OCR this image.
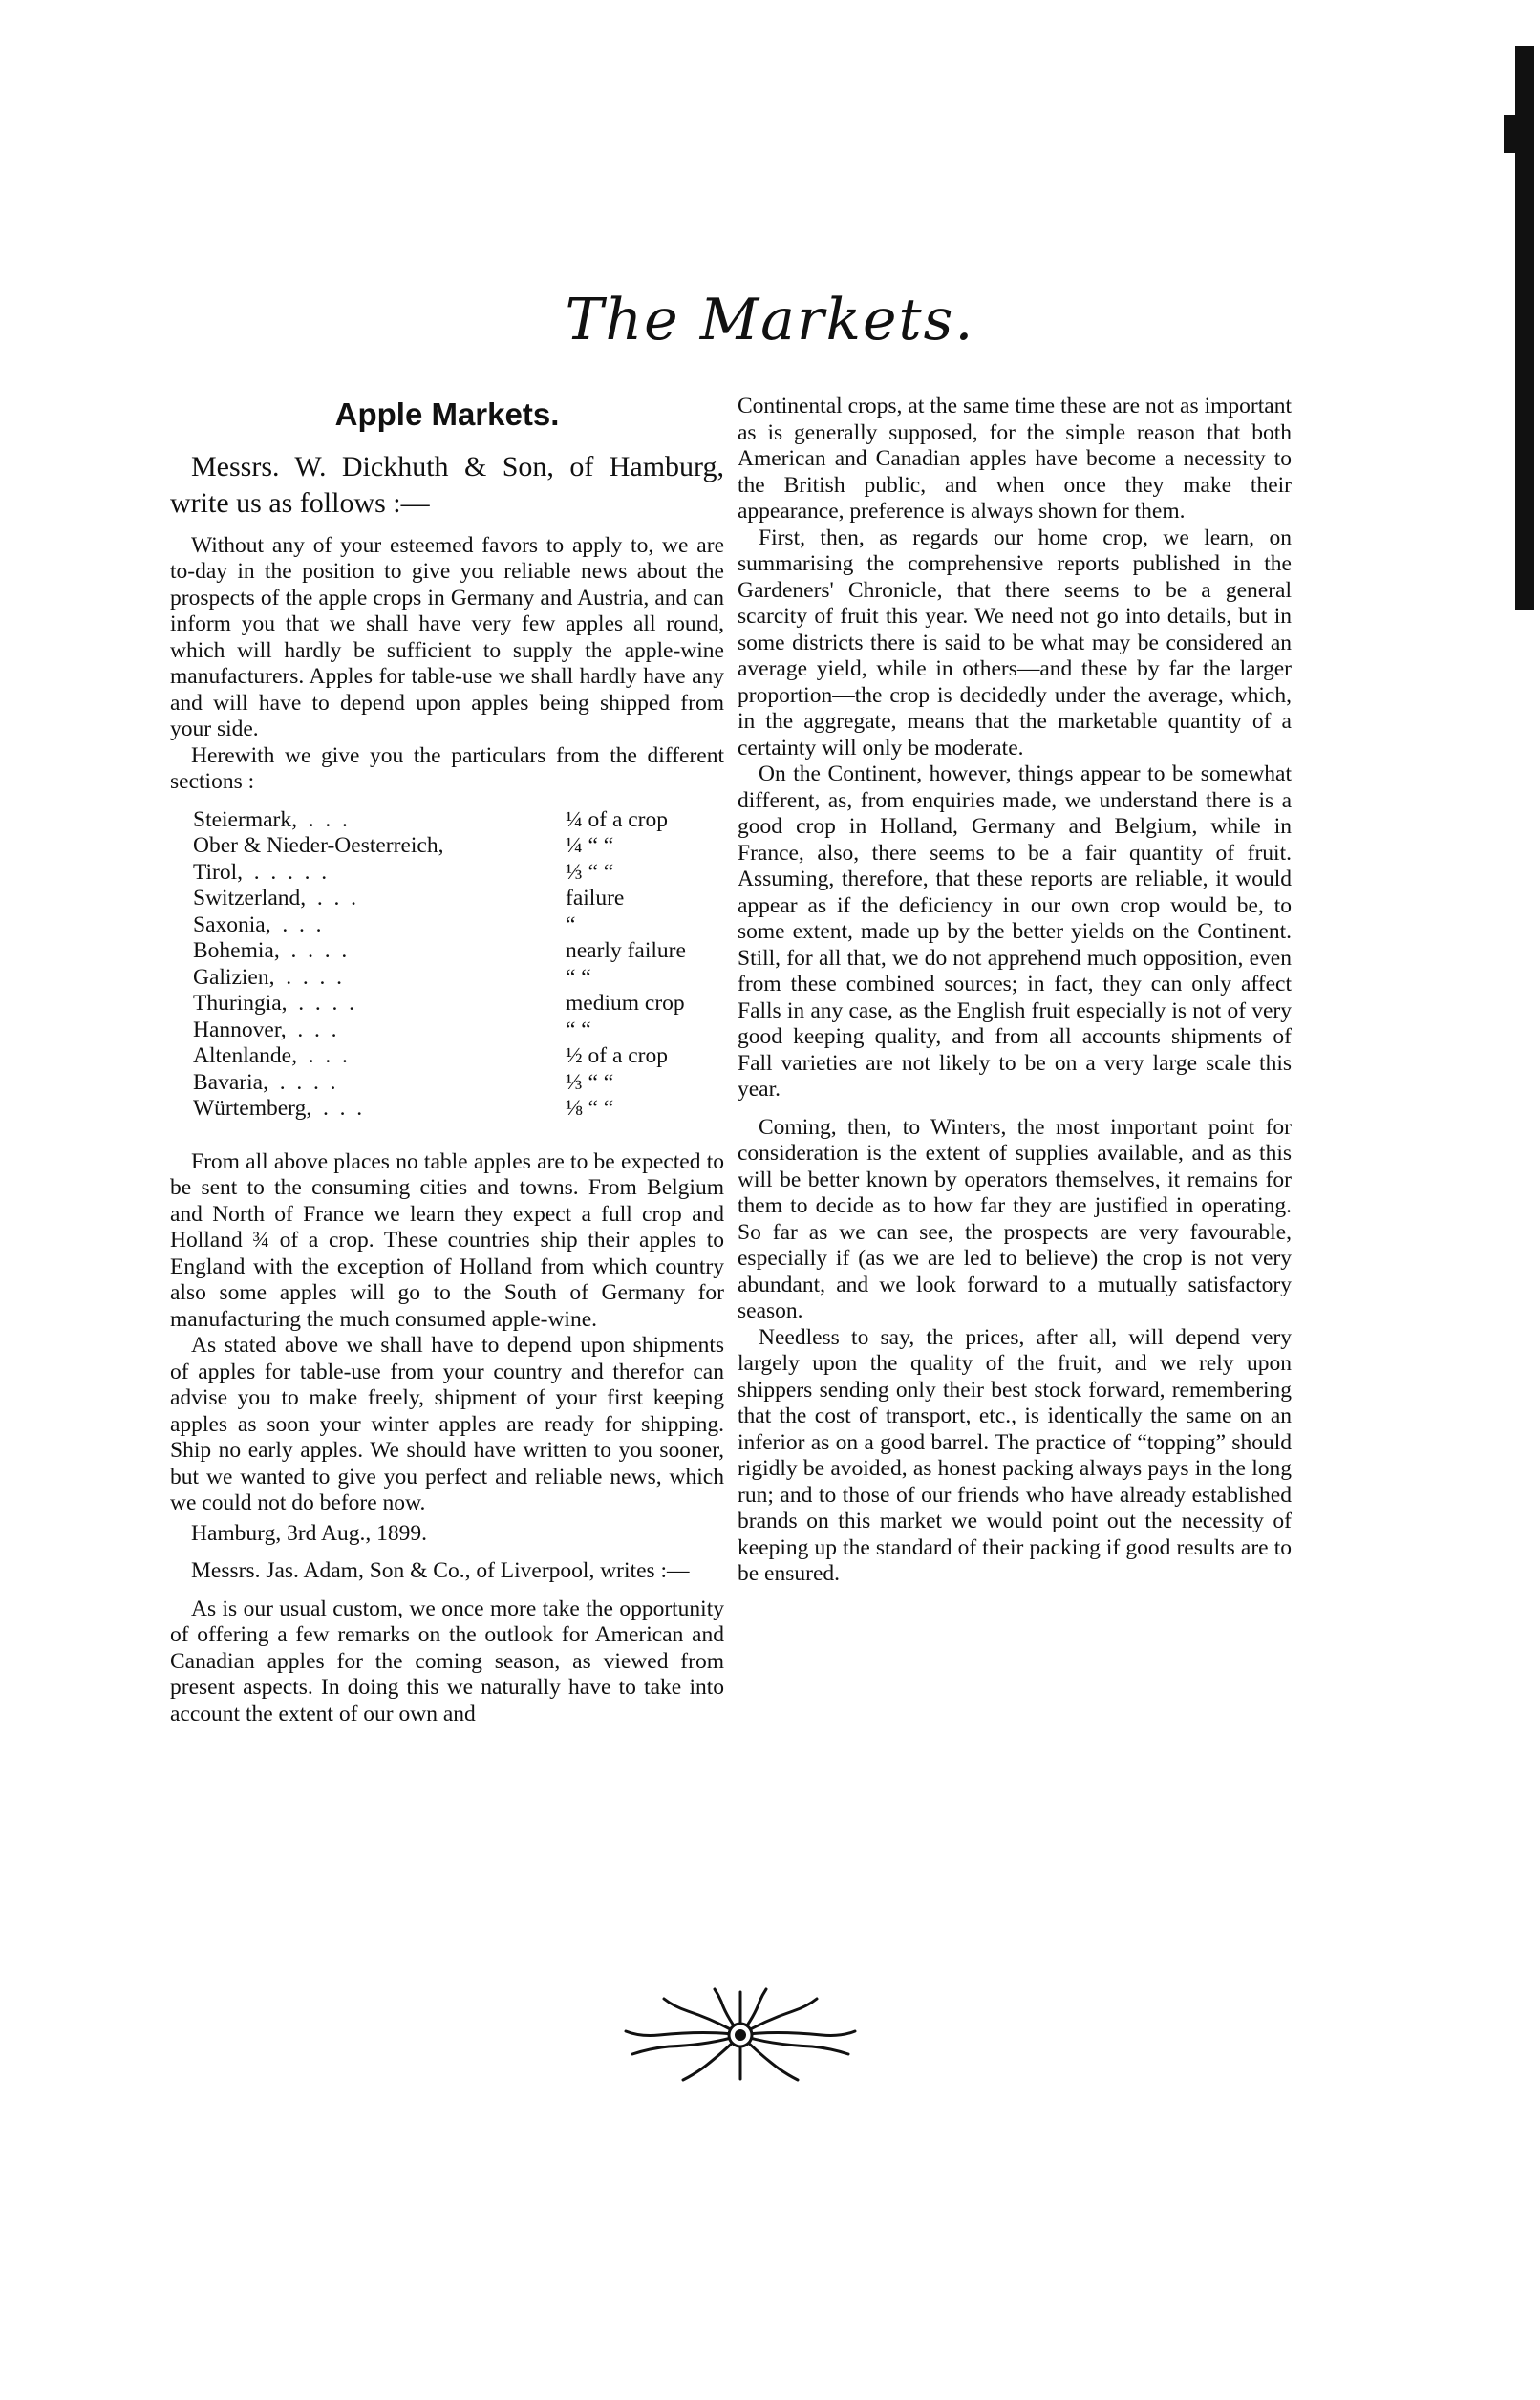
The Markets.
Apple Markets.

Messrs. W. Dickhuth & Son, of Hamburg, write us as follows :—

Without any of your esteemed favors to apply to, we are to-day in the position to give you reliable news about the prospects of the apple crops in Germany and Austria, and can inform you that we shall have very few apples all round, which will hardly be sufficient to supply the apple-wine manufacturers. Apples for table-use we shall hardly have any and will have to depend upon apples being shipped from your side.

Herewith we give you the particulars from the different sections :

Steiermark,  .  .  .	¼ of a crop
Ober & Nieder-Oesterreich,	¼ “ “
Tirol,  .  .  .  .  .	⅓ “ “
Switzerland,  .  .  .	failure
Saxonia,  .  .  .	“
Bohemia,  .  .  .  .	nearly failure
Galizien,  .  .  .  .	“ “
Thuringia,  .  .  .  .	medium crop
Hannover,  .  .  .	“ “
Altenlande,  .  .  .	½ of a crop
Bavaria,  .  .  .  .	⅓ “ “
Würtemberg,  .  .  .	⅛ “ “

From all above places no table apples are to be expected to be sent to the consuming cities and towns. From Belgium and North of France we learn they expect a full crop and Holland ¾ of a crop. These countries ship their apples to England with the exception of Holland from which country also some apples will go to the South of Germany for manufacturing the much consumed apple-wine.

As stated above we shall have to depend upon shipments of apples for table-use from your country and therefor can advise you to make freely, shipment of your first keeping apples as soon your winter apples are ready for shipping. Ship no early apples. We should have written to you sooner, but we wanted to give you perfect and reliable news, which we could not do before now.

Hamburg, 3rd Aug., 1899.

Messrs. Jas. Adam, Son & Co., of Liverpool, writes :—

As is our usual custom, we once more take the opportunity of offering a few remarks on the outlook for American and Canadian apples for the coming season, as viewed from present aspects. In doing this we naturally have to take into account the extent of our own and

Continental crops, at the same time these are not as important as is generally supposed, for the simple reason that both American and Canadian apples have become a necessity to the British public, and when once they make their appearance, preference is always shown for them.

First, then, as regards our home crop, we learn, on summarising the comprehensive reports published in the Gardeners' Chronicle, that there seems to be a general scarcity of fruit this year. We need not go into details, but in some districts there is said to be what may be considered an average yield, while in others—and these by far the larger proportion—the crop is decidedly under the average, which, in the aggregate, means that the marketable quantity of a certainty will only be moderate.

On the Continent, however, things appear to be somewhat different, as, from enquiries made, we understand there is a good crop in Holland, Germany and Belgium, while in France, also, there seems to be a fair quantity of fruit. Assuming, therefore, that these reports are reliable, it would appear as if the deficiency in our own crop would be, to some extent, made up by the better yields on the Continent. Still, for all that, we do not apprehend much opposition, even from these combined sources; in fact, they can only affect Falls in any case, as the English fruit especially is not of very good keeping quality, and from all accounts shipments of Fall varieties are not likely to be on a very large scale this year.

Coming, then, to Winters, the most important point for consideration is the extent of supplies available, and as this will be better known by operators themselves, it remains for them to decide as to how far they are justified in operating. So far as we can see, the prospects are very favourable, especially if (as we are led to believe) the crop is not very abundant, and we look forward to a mutually satisfactory season.

Needless to say, the prices, after all, will depend very largely upon the quality of the fruit, and we rely upon shippers sending only their best stock forward, remembering that the cost of transport, etc., is identically the same on an inferior as on a good barrel. The practice of “topping” should rigidly be avoided, as honest packing always pays in the long run; and to those of our friends who have already established brands on this market we would point out the necessity of keeping up the standard of their packing if good results are to be ensured.
